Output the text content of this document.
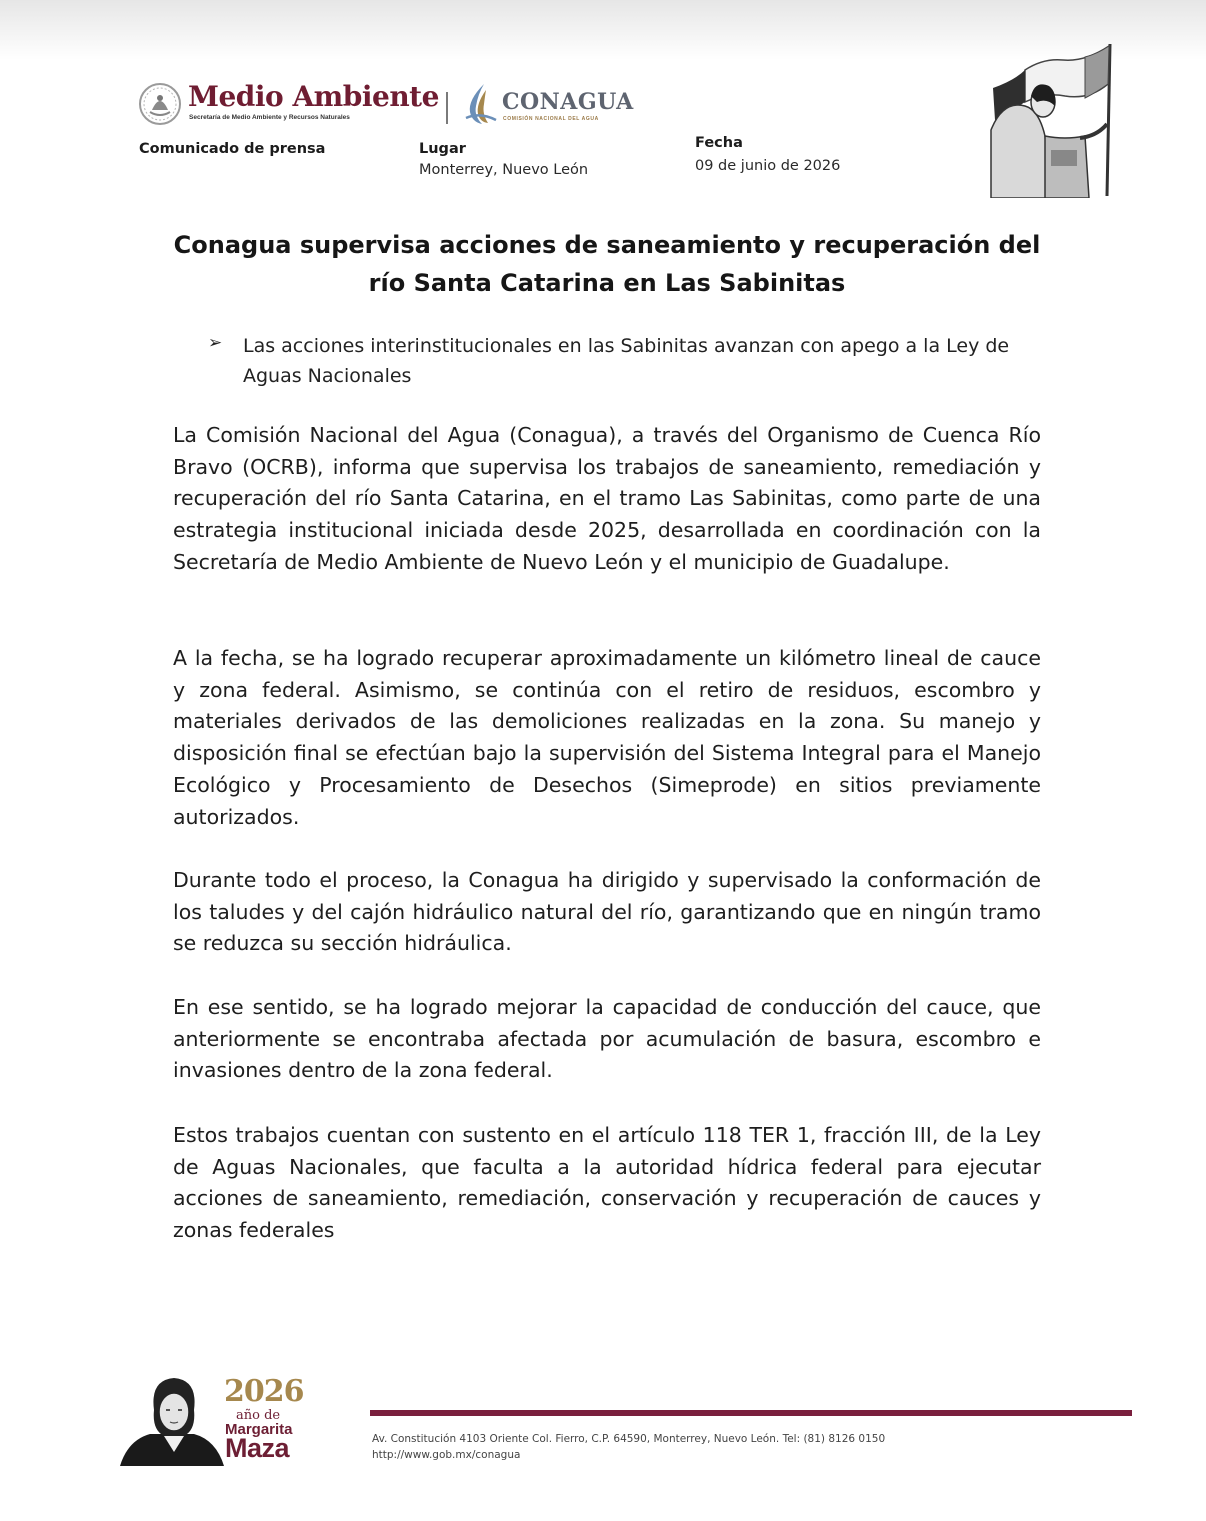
Medio Ambiente
Secretaría de Medio Ambiente y Recursos Naturales
CONAGUA
COMISIÓN NACIONAL DEL AGUA
Comunicado de prensa	Lugar
Monterrey, Nuevo León
Fecha
09 de junio de 2026
Conagua supervisa acciones de saneamiento y recuperación del río Santa Catarina en Las Sabinitas
➢ Las acciones interinstitucionales en las Sabinitas avanzan con apego a la Ley de Aguas Nacionales

La Comisión Nacional del Agua (Conagua), a través del Organismo de Cuenca Río Bravo (OCRB), informa que supervisa los trabajos de saneamiento, remediación y recuperación del río Santa Catarina, en el tramo Las Sabinitas, como parte de una estrategia institucional iniciada desde 2025, desarrollada en coordinación con la Secretaría de Medio Ambiente de Nuevo León y el municipio de Guadalupe.

A la fecha, se ha logrado recuperar aproximadamente un kilómetro lineal de cauce y zona federal. Asimismo, se continúa con el retiro de residuos, escombro y materiales derivados de las demoliciones realizadas en la zona. Su manejo y disposición final se efectúan bajo la supervisión del Sistema Integral para el Manejo Ecológico y Procesamiento de Desechos (Simeprode) en sitios previamente autorizados.

Durante todo el proceso, la Conagua ha dirigido y supervisado la conformación de los taludes y del cajón hidráulico natural del río, garantizando que en ningún tramo se reduzca su sección hidráulica.

En ese sentido, se ha logrado mejorar la capacidad de conducción del cauce, que anteriormente se encontraba afectada por acumulación de basura, escombro e invasiones dentro de la zona federal.

Estos trabajos cuentan con sustento en el artículo 118 TER 1, fracción III, de la Ley de Aguas Nacionales, que faculta a la autoridad hídrica federal para ejecutar acciones de saneamiento, remediación, conservación y recuperación de cauces y zonas federales

2026
año de
Margarita
Maza	Av. Constitución 4103 Oriente Col. Fierro, C.P. 64590, Monterrey, Nuevo León. Tel: (81) 8126 0150
http://www.gob.mx/conagua
